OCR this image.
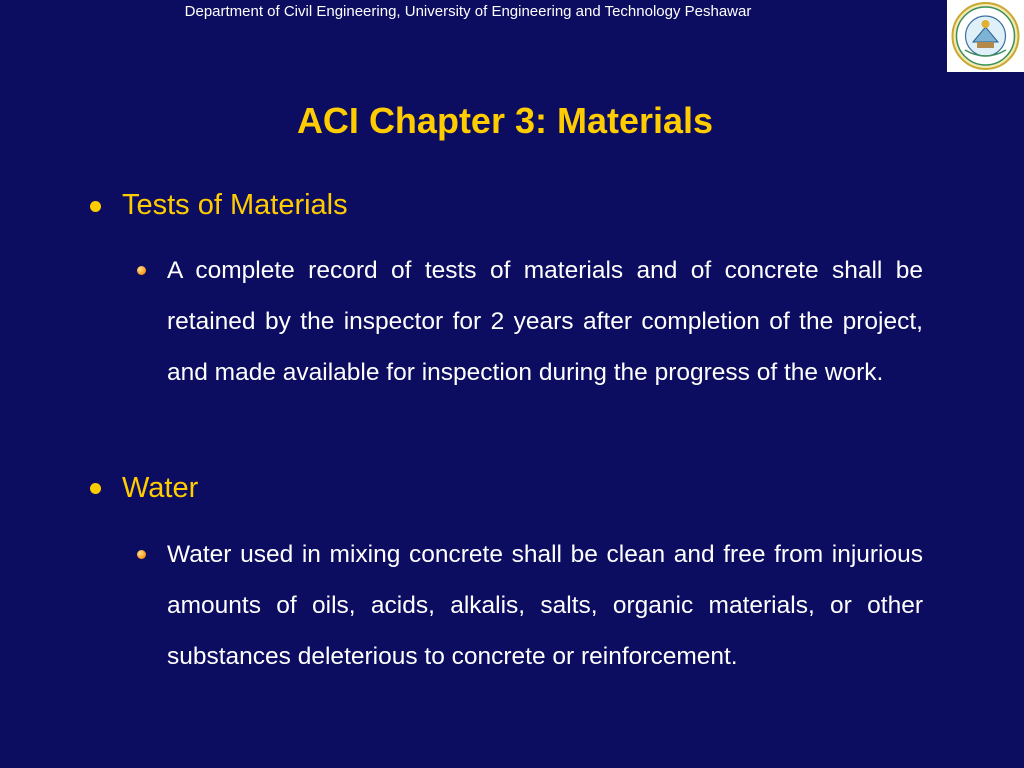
Department of Civil Engineering, University of Engineering and Technology Peshawar
ACI Chapter 3: Materials
Tests of Materials
A complete record of tests of materials and of concrete shall be retained by the inspector for 2 years after completion of the project, and made available for inspection during the progress of the work.
Water
Water used in mixing concrete shall be clean and free from injurious amounts of oils, acids, alkalis, salts, organic materials, or other substances deleterious to concrete or reinforcement.
